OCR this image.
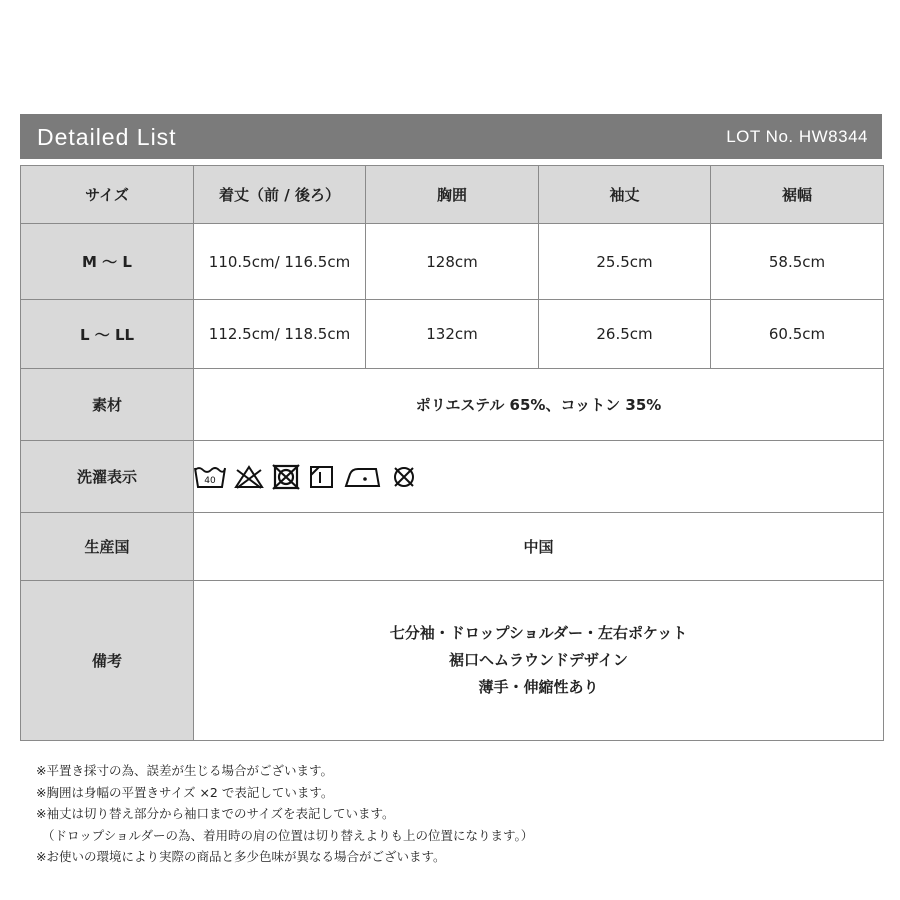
Detailed List	LOT No. HW8344
サイズ	着丈（前 / 後ろ）	胸囲	袖丈	裾幅
M 〜 L	110.5cm/ 116.5cm	128cm	25.5cm	58.5cm
L 〜 LL	112.5cm/ 118.5cm	132cm	26.5cm	60.5cm
素材	ポリエステル 65%、コットン 35%			
洗濯表示	40			

生産国	中国			
備考	七分袖・ドロップショルダー・左右ポケット
裾口ヘムラウンドデザイン
薄手・伸縮性あり			
※平置き採寸の為、誤差が生じる場合がございます。
※胸囲は身幅の平置きサイズ ×2 で表記しています。
※袖丈は切り替え部分から袖口までのサイズを表記しています。
（ドロップショルダーの為、着用時の肩の位置は切り替えよりも上の位置になります。）
※お使いの環境により実際の商品と多少色味が異なる場合がございます。
